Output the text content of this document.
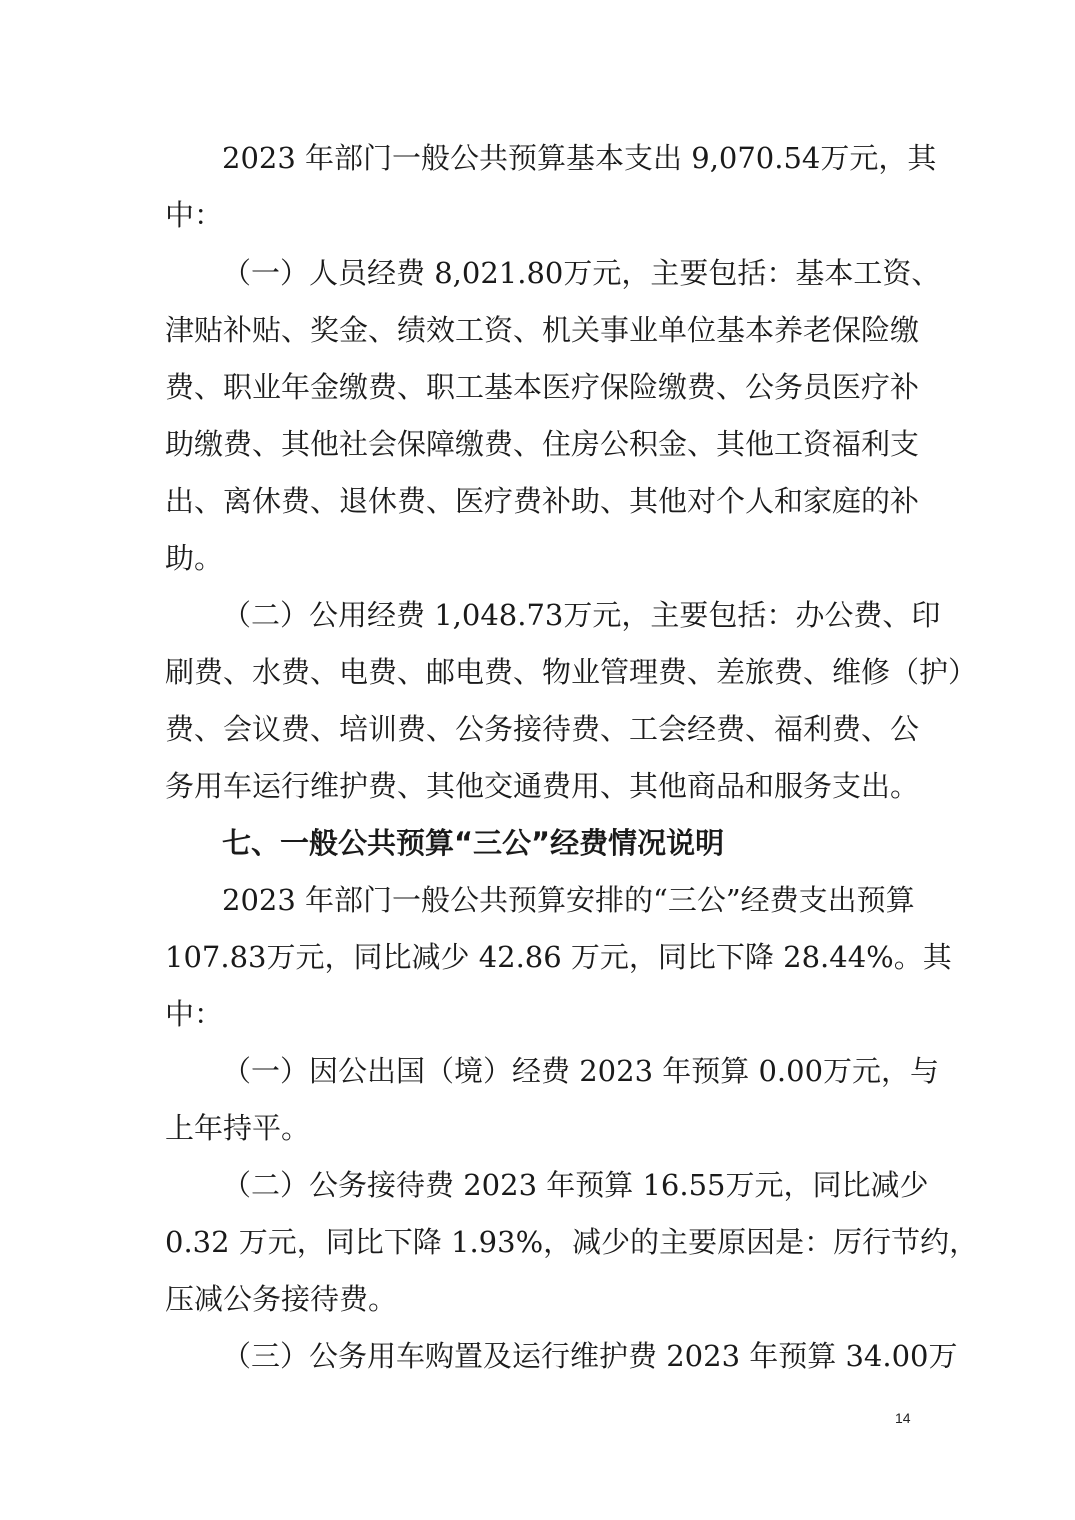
2023 年部门一般公共预算基本支出 9,070.54万元，其
中：
（一）人员经费 8,021.80万元，主要包括：基本工资、
津贴补贴、奖金、绩效工资、机关事业单位基本养老保险缴
费、职业年金缴费、职工基本医疗保险缴费、公务员医疗补
助缴费、其他社会保障缴费、住房公积金、其他工资福利支
出、离休费、退休费、医疗费补助、其他对个人和家庭的补
助。
（二）公用经费 1,048.73万元，主要包括：办公费、印
刷费、水费、电费、邮电费、物业管理费、差旅费、维修（护）
费、会议费、培训费、公务接待费、工会经费、福利费、公
务用车运行维护费、其他交通费用、其他商品和服务支出。
七、一般公共预算“三公”经费情况说明
2023 年部门一般公共预算安排的“三公”经费支出预算
107.83万元，同比减少 42.86 万元，同比下降 28.44%。其
中：
（一）因公出国（境）经费 2023 年预算 0.00万元，与
上年持平。
（二）公务接待费 2023 年预算 16.55万元，同比减少
0.32 万元，同比下降 1.93%，减少的主要原因是：厉行节约，
压减公务接待费。
（三）公务用车购置及运行维护费 2023 年预算 34.00万
14
